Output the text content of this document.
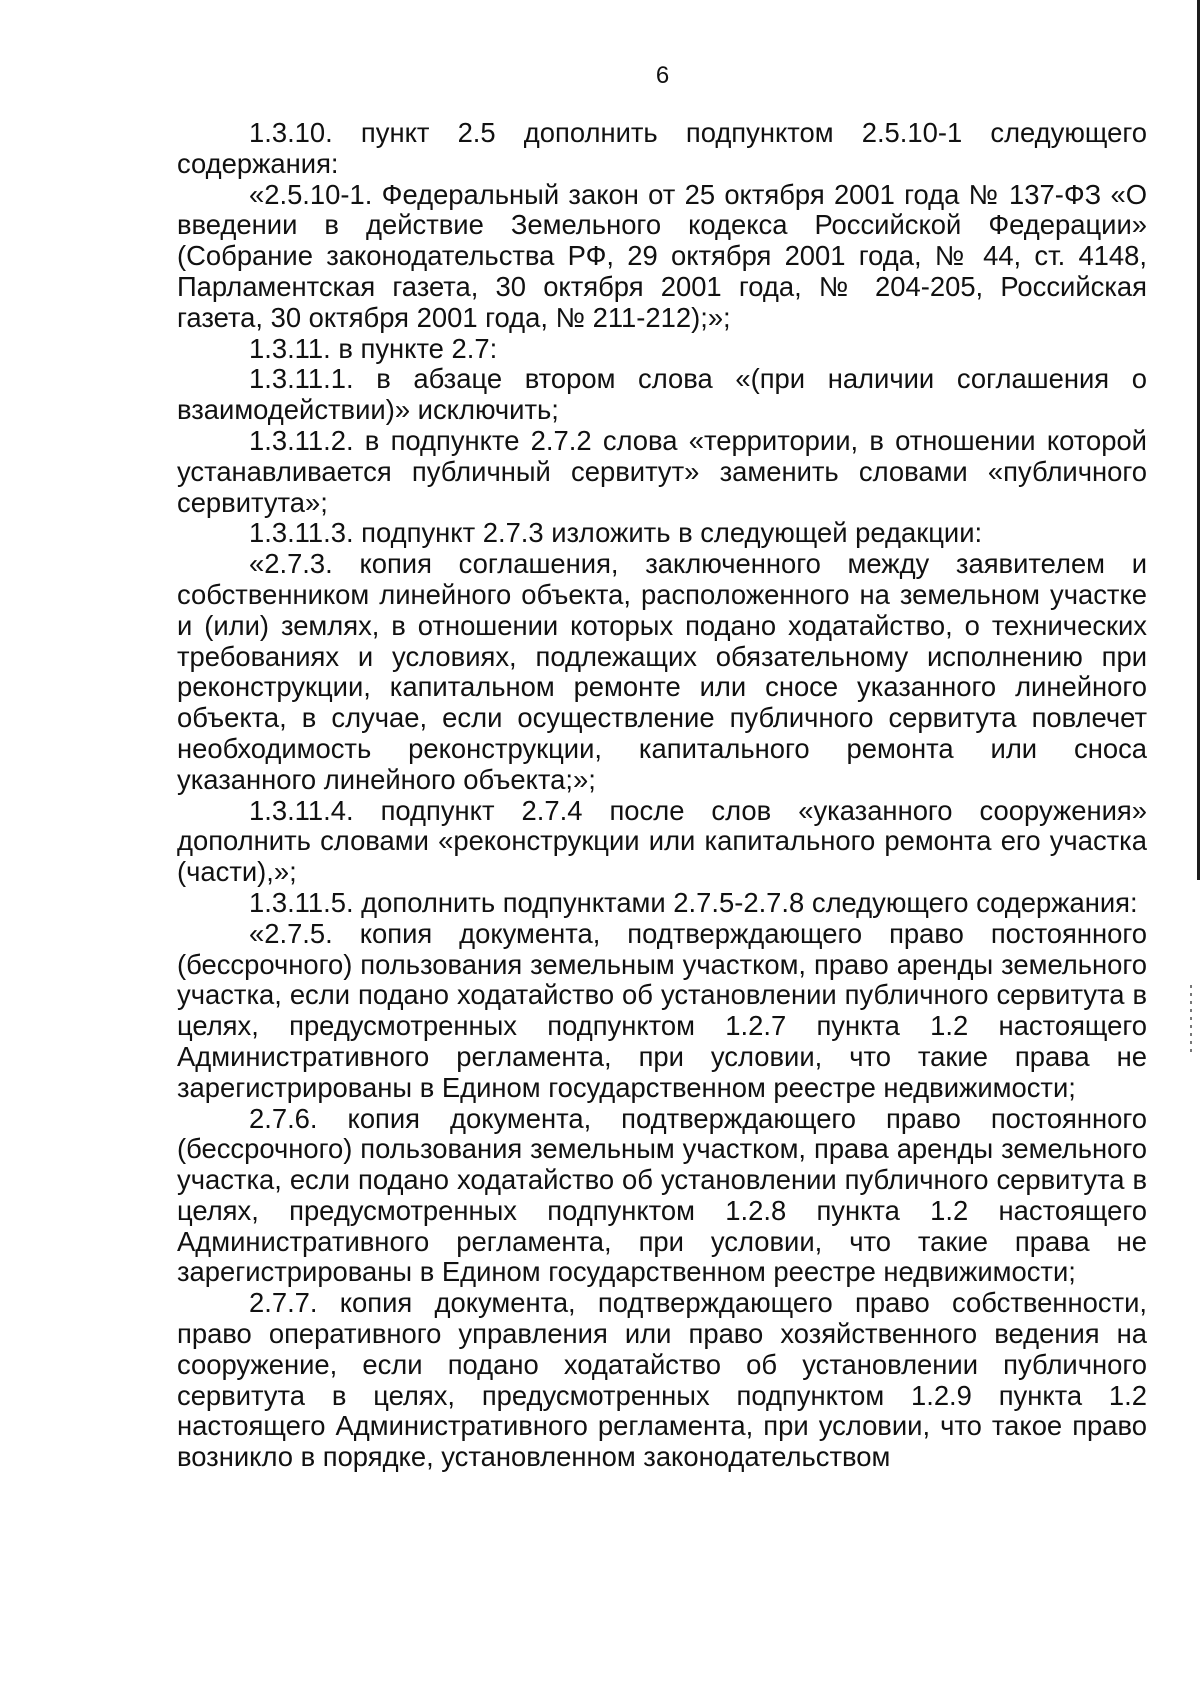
6

1.3.10. пункт 2.5 дополнить подпунктом 2.5.10-1 следующего содержания:

«2.5.10-1. Федеральный закон от 25 октября 2001 года № 137-ФЗ «О введении в действие Земельного кодекса Российской Федерации» (Собрание законодательства РФ, 29 октября 2001 года, № 44, ст. 4148, Парламентская газета, 30 октября 2001 года, № 204-205, Российская газета, 30 октября 2001 года, № 211-212);»;

1.3.11. в пункте 2.7:

1.3.11.1. в абзаце втором слова «(при наличии соглашения о взаимодействии)» исключить;

1.3.11.2. в подпункте 2.7.2 слова «территории, в отношении которой устанавливается публичный сервитут» заменить словами «публичного сервитута»;

1.3.11.3. подпункт 2.7.3 изложить в следующей редакции:

«2.7.3. копия соглашения, заключенного между заявителем и собственником линейного объекта, расположенного на земельном участке и (или) землях, в отношении которых подано ходатайство, о технических требованиях и условиях, подлежащих обязательному исполнению при реконструкции, капитальном ремонте или сносе указанного линейного объекта, в случае, если осуществление публичного сервитута повлечет необходимость реконструкции, капитального ремонта или сноса указанного линейного объекта;»;

1.3.11.4. подпункт 2.7.4 после слов «указанного сооружения» дополнить словами «реконструкции или капитального ремонта его участка (части),»;

1.3.11.5. дополнить подпунктами 2.7.5-2.7.8 следующего содержания:

«2.7.5. копия документа, подтверждающего право постоянного (бессрочного) пользования земельным участком, право аренды земельного участка, если подано ходатайство об установлении публичного сервитута в целях, предусмотренных подпунктом 1.2.7 пункта 1.2 настоящего Административного регламента, при условии, что такие права не зарегистрированы в Едином государственном реестре недвижимости;

2.7.6. копия документа, подтверждающего право постоянного (бессрочного) пользования земельным участком, права аренды земельного участка, если подано ходатайство об установлении публичного сервитута в целях, предусмотренных подпунктом 1.2.8 пункта 1.2 настоящего Административного регламента, при условии, что такие права не зарегистрированы в Едином государственном реестре недвижимости;

2.7.7. копия документа, подтверждающего право собственности, право оперативного управления или право хозяйственного ведения на сооружение, если подано ходатайство об установлении публичного сервитута в целях, предусмотренных подпунктом 1.2.9 пункта 1.2 настоящего Административного регламента, при условии, что такое право возникло в порядке, установленном законодательством
